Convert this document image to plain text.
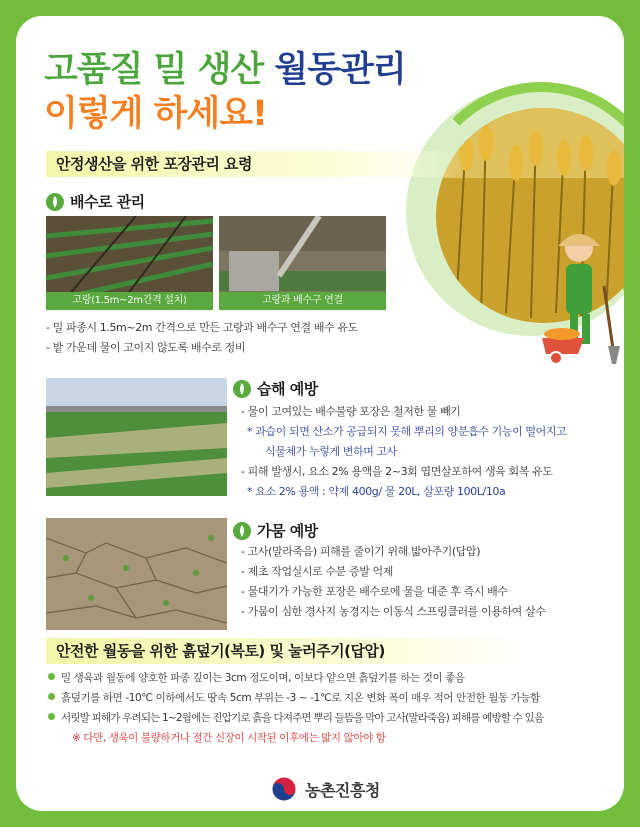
고품질 밀 생산 월동관리
이렇게 하세요!
안정생산을 위한 포장관리 요령
배수로 관리
고랑(1.5m~2m간격 설치)	고랑과 배수구 연결
- 밀 파종시 1.5m~2m 간격으로 만든 고랑과 배수구 연결 배수 유도
- 밭 가운데 물이 고이지 않도록 배수로 정비
습해 예방
- 물이 고여있는 배수불량 포장은 철저한 물 빼기
* 과습이 되면 산소가 공급되지 못해 뿌리의 양분흡수 기능이 떨어지고
식물체가 누렇게 변하며 고사
- 피해 발생시, 요소 2% 용액을 2~3회 엽면살포하여 생육 회복 유도
* 요소 2% 용액 : 약제 400g/ 물 20L, 살포량 100L/10a
가뭄 예방
- 고사(말라죽음) 피해를 줄이기 위해 밟아주기(답압)
- 제초 작업실시로 수분 증발 억제
- 물대기가 가능한 포장은 배수로에 물을 대준 후 즉시 배수
- 가뭄이 심한 경사지 농경지는 이동식 스프링클러를 이용하여 살수
안전한 월동을 위한 흙덮기(복토) 및 눌러주기(답압)
밀 생육과 월동에 양호한 파종 깊이는 3cm 정도이며, 이보다 얕으면 흙덮기를 하는 것이 좋음
흙덮기를 하면 -10℃ 이하에서도 땅속 5cm 부위는 -3 ~ -1℃로 지온 변화 폭이 매우 적어 안전한 월동 가능함
서릿발 피해가 우려되는 1~2월에는 진압기로 흙을 다져주면 뿌리 들뜸을 막아 고사(말라죽음) 피해를 예방할 수 있음
※ 다만, 생육이 불량하거나 절간 신장이 시작된 이후에는 밟지 않아야 함
농촌진흥청
